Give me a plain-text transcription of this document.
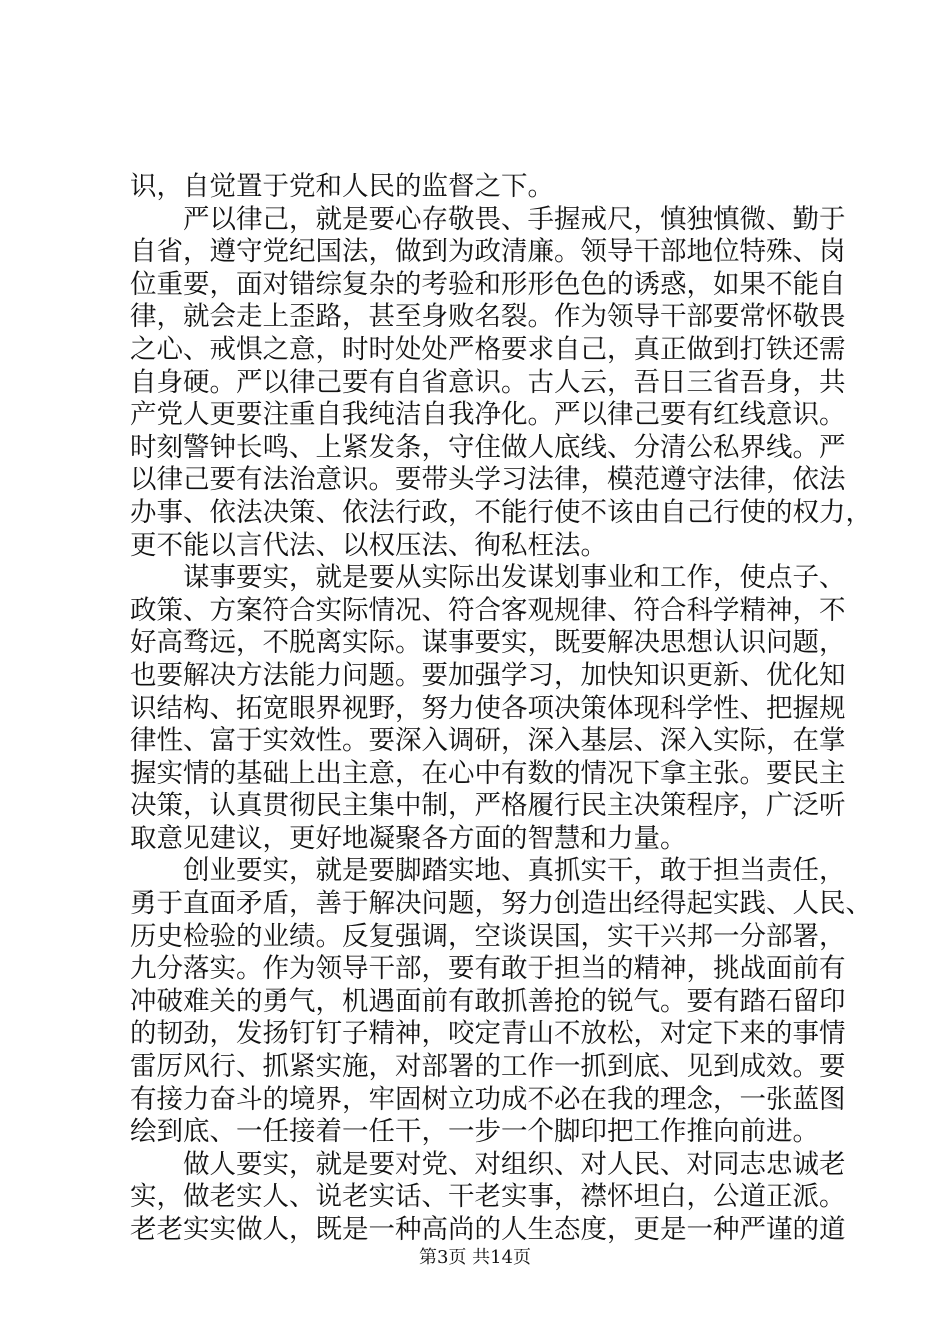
识，自觉置于党和人民的监督之下。
　　严以律己，就是要心存敬畏、手握戒尺，慎独慎微、勤于
自省，遵守党纪国法，做到为政清廉。领导干部地位特殊、岗
位重要，面对错综复杂的考验和形形色色的诱惑，如果不能自
律，就会走上歪路，甚至身败名裂。作为领导干部要常怀敬畏
之心、戒惧之意，时时处处严格要求自己，真正做到打铁还需
自身硬。严以律己要有自省意识。古人云，吾日三省吾身，共
产党人更要注重自我纯洁自我净化。严以律己要有红线意识。
时刻警钟长鸣、上紧发条，守住做人底线、分清公私界线。严
以律己要有法治意识。要带头学习法律，模范遵守法律，依法
办事、依法决策、依法行政，不能行使不该由自己行使的权力，
更不能以言代法、以权压法、徇私枉法。
　　谋事要实，就是要从实际出发谋划事业和工作，使点子、
政策、方案符合实际情况、符合客观规律、符合科学精神，不
好高骛远，不脱离实际。谋事要实，既要解决思想认识问题，
也要解决方法能力问题。要加强学习，加快知识更新、优化知
识结构、拓宽眼界视野，努力使各项决策体现科学性、把握规
律性、富于实效性。要深入调研，深入基层、深入实际，在掌
握实情的基础上出主意，在心中有数的情况下拿主张。要民主
决策，认真贯彻民主集中制，严格履行民主决策程序，广泛听
取意见建议，更好地凝聚各方面的智慧和力量。
　　创业要实，就是要脚踏实地、真抓实干，敢于担当责任，
勇于直面矛盾，善于解决问题，努力创造出经得起实践、人民、
历史检验的业绩。反复强调，空谈误国，实干兴邦一分部署，
九分落实。作为领导干部，要有敢于担当的精神，挑战面前有
冲破难关的勇气，机遇面前有敢抓善抢的锐气。要有踏石留印
的韧劲，发扬钉钉子精神，咬定青山不放松，对定下来的事情
雷厉风行、抓紧实施，对部署的工作一抓到底、见到成效。要
有接力奋斗的境界，牢固树立功成不必在我的理念，一张蓝图
绘到底、一任接着一任干，一步一个脚印把工作推向前进。
　　做人要实，就是要对党、对组织、对人民、对同志忠诚老
实，做老实人、说老实话、干老实事，襟怀坦白，公道正派。
老老实实做人，既是一种高尚的人生态度，更是一种严谨的道
第3页 共14页
